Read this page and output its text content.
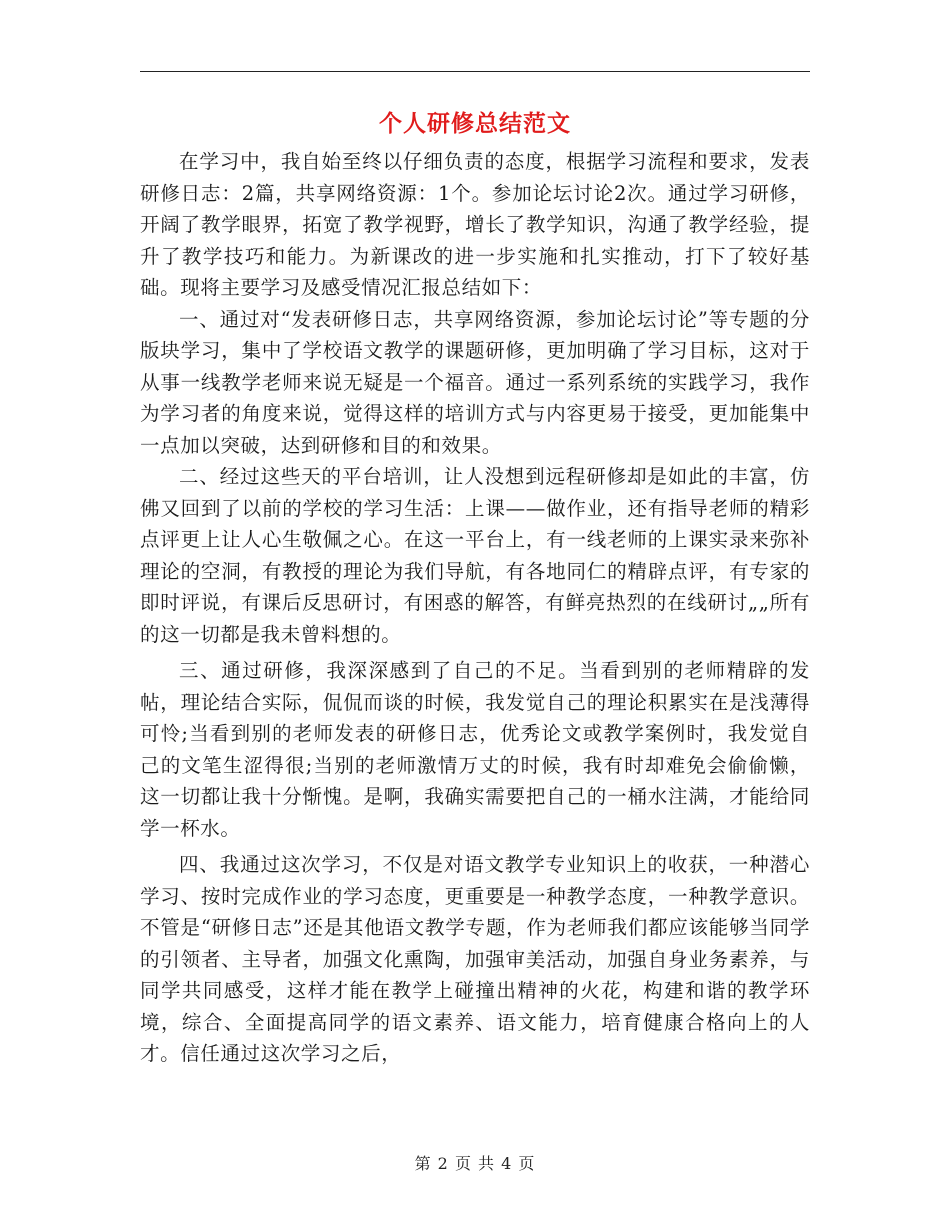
个人研修总结范文

在学习中，我自始至终以仔细负责的态度，根据学习流程和要求，发表研修日志：2篇，共享网络资源：1个。参加论坛讨论2次。通过学习研修，开阔了教学眼界，拓宽了教学视野，增长了教学知识，沟通了教学经验，提升了教学技巧和能力。为新课改的进一步实施和扎实推动，打下了较好基础。现将主要学习及感受情况汇报总结如下：

一、通过对“发表研修日志，共享网络资源，参加论坛讨论”等专题的分版块学习，集中了学校语文教学的课题研修，更加明确了学习目标，这对于从事一线教学老师来说无疑是一个福音。通过一系列系统的实践学习，我作为学习者的角度来说，觉得这样的培训方式与内容更易于接受，更加能集中一点加以突破，达到研修和目的和效果。

二、经过这些天的平台培训，让人没想到远程研修却是如此的丰富，仿佛又回到了以前的学校的学习生活：上课——做作业，还有指导老师的精彩点评更上让人心生敬佩之心。在这一平台上，有一线老师的上课实录来弥补理论的空洞，有教授的理论为我们导航，有各地同仁的精辟点评，有专家的即时评说，有课后反思研讨，有困惑的解答，有鲜亮热烈的在线研讨„„所有的这一切都是我未曾料想的。

三、通过研修，我深深感到了自己的不足。当看到别的老师精辟的发帖，理论结合实际，侃侃而谈的时候，我发觉自己的理论积累实在是浅薄得可怜;当看到别的老师发表的研修日志，优秀论文或教学案例时，我发觉自己的文笔生涩得很;当别的老师激情万丈的时候，我有时却难免会偷偷懒，这一切都让我十分惭愧。是啊，我确实需要把自己的一桶水注满，才能给同学一杯水。

四、我通过这次学习，不仅是对语文教学专业知识上的收获，一种潜心学习、按时完成作业的学习态度，更重要是一种教学态度，一种教学意识。不管是“研修日志”还是其他语文教学专题，作为老师我们都应该能够当同学的引领者、主导者，加强文化熏陶，加强审美活动，加强自身业务素养，与同学共同感受，这样才能在教学上碰撞出精神的火花，构建和谐的教学环境，综合、全面提高同学的语文素养、语文能力，培育健康合格向上的人才。信任通过这次学习之后，

第 2 页 共 4 页
